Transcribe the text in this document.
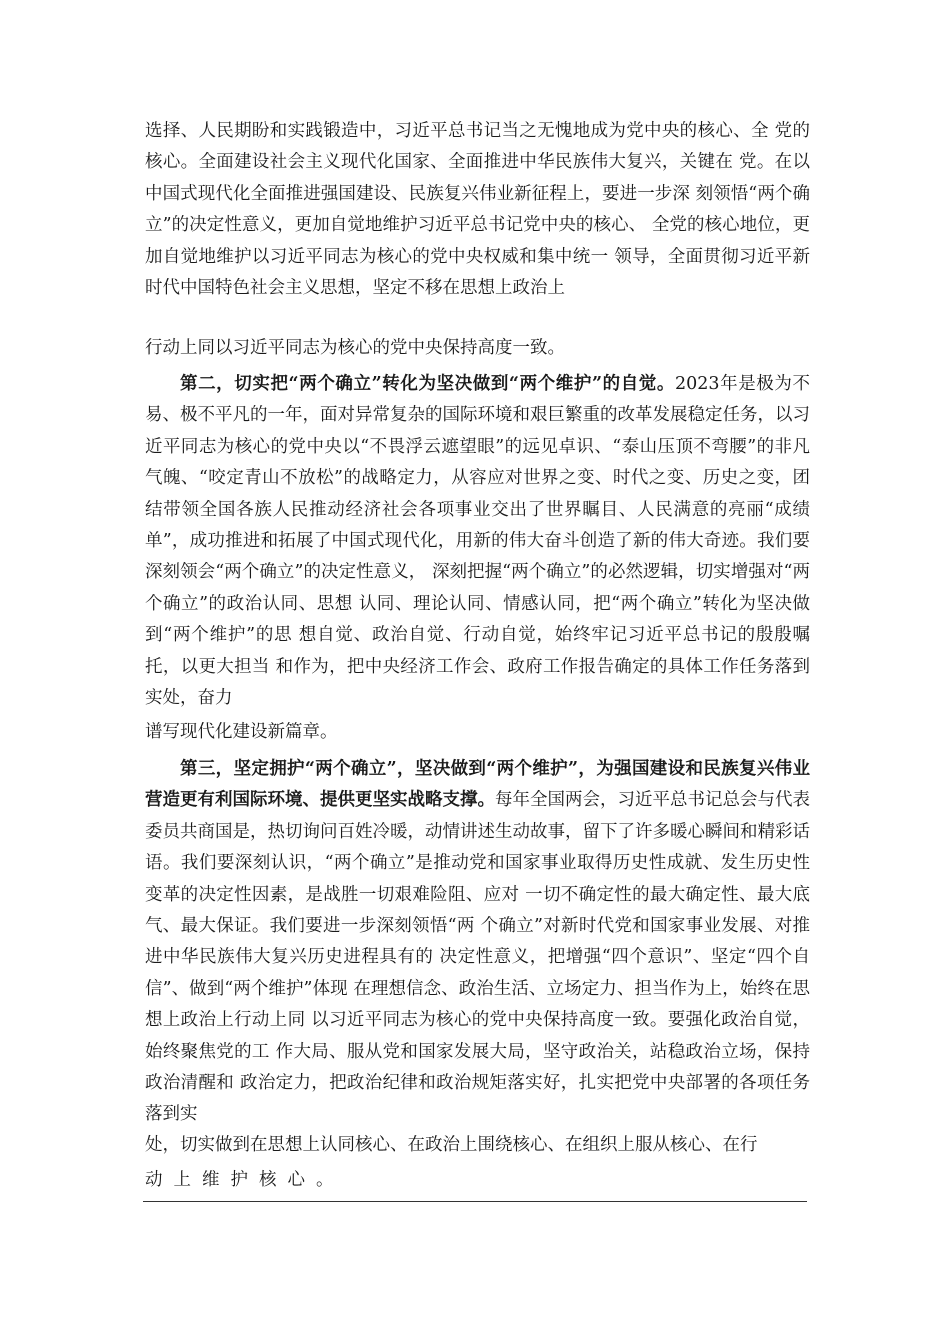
选择、人民期盼和实践锻造中，习近平总书记当之无愧地成为党中央的核心、全 党的核心。全面建设社会主义现代化国家、全面推进中华民族伟大复兴，关键在 党。在以中国式现代化全面推进强国建设、民族复兴伟业新征程上，要进一步深 刻领悟“两个确立”的决定性意义，更加自觉地维护习近平总书记党中央的核心、 全党的核心地位，更加自觉地维护以习近平同志为核心的党中央权威和集中统一 领导，全面贯彻习近平新时代中国特色社会主义思想，坚定不移在思想上政治上

行动上同以习近平同志为核心的党中央保持高度一致。

第二，切实把“两个确立”转化为坚决做到“两个维护”的自觉。2023年是极为不易、极不平凡的一年，面对异常复杂的国际环境和艰巨繁重的改革发展稳定任务，以习近平同志为核心的党中央以“不畏浮云遮望眼”的远见卓识、“泰山压顶不弯腰”的非凡气魄、“咬定青山不放松”的战略定力，从容应对世界之变、时代之变、历史之变，团结带领全国各族人民推动经济社会各项事业交出了世界瞩目、人民满意的亮丽“成绩单”，成功推进和拓展了中国式现代化，用新的伟大奋斗创造了新的伟大奇迹。我们要深刻领会“两个确立”的决定性意义， 深刻把握“两个确立”的必然逻辑，切实增强对“两个确立”的政治认同、思想 认同、理论认同、情感认同，把“两个确立”转化为坚决做到“两个维护”的思 想自觉、政治自觉、行动自觉，始终牢记习近平总书记的殷殷嘱托，以更大担当 和作为，把中央经济工作会、政府工作报告确定的具体工作任务落到实处，奋力

谱写现代化建设新篇章。

第三，坚定拥护“两个确立”，坚决做到“两个维护”，为强国建设和民族复兴伟业营造更有利国际环境、提供更坚实战略支撑。每年全国两会，习近平总书记总会与代表委员共商国是，热切询问百姓冷暖，动情讲述生动故事，留下了许多暖心瞬间和精彩话语。我们要深刻认识，“两个确立”是推动党和国家事业取得历史性成就、发生历史性变革的决定性因素，是战胜一切艰难险阻、应对 一切不确定性的最大确定性、最大底气、最大保证。我们要进一步深刻领悟“两 个确立”对新时代党和国家事业发展、对推进中华民族伟大复兴历史进程具有的 决定性意义，把增强“四个意识”、坚定“四个自信”、做到“两个维护”体现 在理想信念、政治生活、立场定力、担当作为上，始终在思想上政治上行动上同 以习近平同志为核心的党中央保持高度一致。要强化政治自觉，始终聚焦党的工 作大局、服从党和国家发展大局，坚守政治关，站稳政治立场，保持政治清醒和 政治定力，把政治纪律和政治规矩落实好，扎实把党中央部署的各项任务落到实

处，切实做到在思想上认同核心、在政治上围绕核心、在组织上服从核心、在行

动上维护核心。
